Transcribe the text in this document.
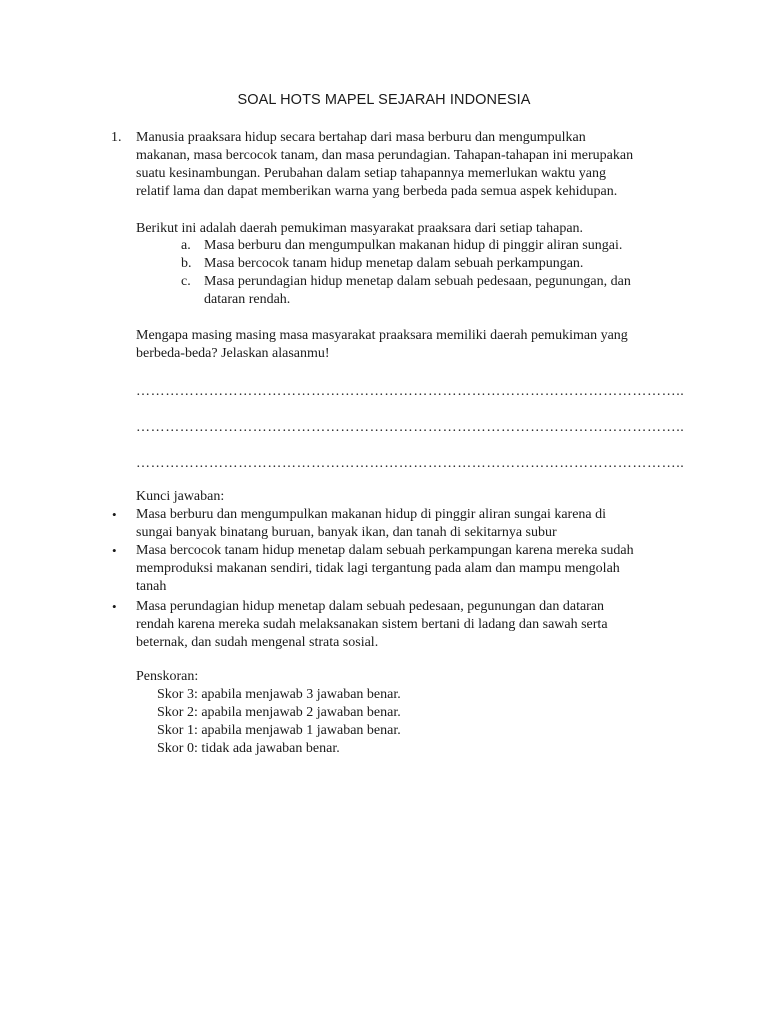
SOAL HOTS MAPEL SEJARAH INDONESIA
1. Manusia praaksara hidup secara bertahap dari masa berburu dan mengumpulkan
makanan, masa bercocok tanam, dan masa perundagian. Tahapan-tahapan ini merupakan
suatu kesinambungan. Perubahan dalam setiap tahapannya memerlukan waktu yang
relatif lama dan dapat memberikan warna yang berbeda pada semua aspek kehidupan.
Berikut ini adalah daerah pemukiman masyarakat praaksara dari setiap tahapan.
a. Masa berburu dan mengumpulkan makanan hidup di pinggir aliran sungai.
b. Masa bercocok tanam hidup menetap dalam sebuah perkampungan.
c. Masa perundagian hidup menetap dalam sebuah pedesaan, pegunungan, dan
dataran rendah.
Mengapa masing masing masa masyarakat praaksara memiliki daerah pemukiman yang
berbeda-beda? Jelaskan alasanmu!
…………………………………………………………………………………………………..
…………………………………………………………………………………………………..
…………………………………………………………………………………………………..
Kunci jawaban:
• Masa berburu dan mengumpulkan makanan hidup di pinggir aliran sungai karena di
sungai banyak binatang buruan, banyak ikan, dan tanah di sekitarnya subur
• Masa bercocok tanam hidup menetap dalam sebuah perkampungan karena mereka sudah
memproduksi makanan sendiri, tidak lagi tergantung pada alam dan mampu mengolah
tanah
• Masa perundagian hidup menetap dalam sebuah pedesaan, pegunungan dan dataran
rendah karena mereka sudah melaksanakan sistem bertani di ladang dan sawah serta
beternak, dan sudah mengenal strata sosial.
Penskoran:
Skor 3: apabila menjawab 3 jawaban benar.
Skor 2: apabila menjawab 2 jawaban benar.
Skor 1: apabila menjawab 1 jawaban benar.
Skor 0: tidak ada jawaban benar.
